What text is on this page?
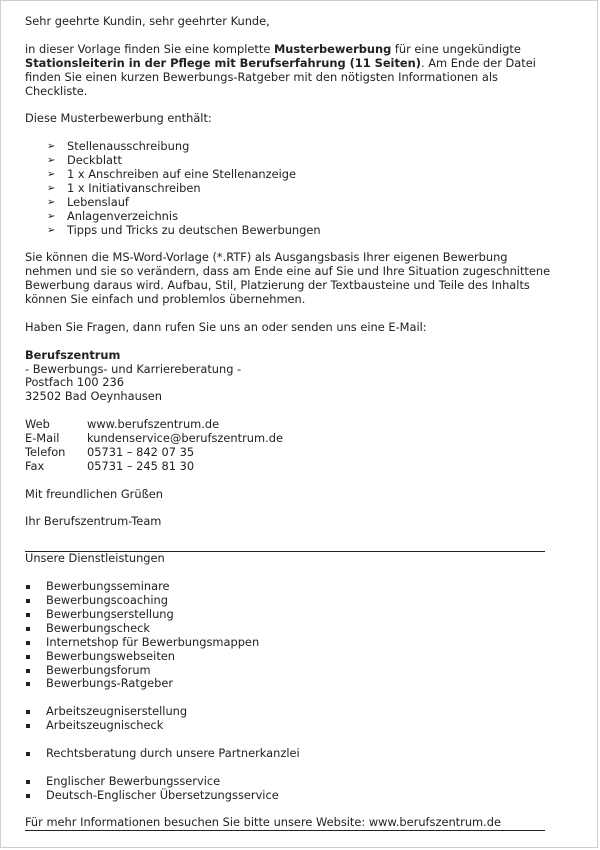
Sehr geehrte Kundin, sehr geehrter Kunde,

in dieser Vorlage finden Sie eine komplette Musterbewerbung für eine ungekündigte Stationsleiterin in der Pflege mit Berufserfahrung (11 Seiten). Am Ende der Datei finden Sie einen kurzen Bewerbungs-Ratgeber mit den nötigsten Informationen als Checkliste.

Diese Musterbewerbung enthält:

➢ Stellenausschreibung
➢ Deckblatt
➢ 1 x Anschreiben auf eine Stellenanzeige
➢ 1 x Initiativanschreiben
➢ Lebenslauf
➢ Anlagenverzeichnis
➢ Tipps und Tricks zu deutschen Bewerbungen

Sie können die MS-Word-Vorlage (*.RTF) als Ausgangsbasis Ihrer eigenen Bewerbung nehmen und sie so verändern, dass am Ende eine auf Sie und Ihre Situation zugeschnittene Bewerbung daraus wird. Aufbau, Stil, Platzierung der Textbausteine und Teile des Inhalts können Sie einfach und problemlos übernehmen.

Haben Sie Fragen, dann rufen Sie uns an oder senden uns eine E-Mail:

Berufszentrum

- Bewerbungs- und Karriereberatung -

Postfach 100 236

32502 Bad Oeynhausen

Web	www.berufszentrum.de
E-Mail	kundenservice@berufszentrum.de
Telefon	05731 – 842 07 35
Fax	05731 – 245 81 30

Mit freundlichen Grüßen

Ihr Berufszentrum-Team

Unsere Dienstleistungen

Bewerbungsseminare
Bewerbungscoaching
Bewerbungserstellung
Bewerbungscheck
Internetshop für Bewerbungsmappen
Bewerbungswebseiten
Bewerbungsforum
Bewerbungs-Ratgeber
Arbeitszeugniserstellung
Arbeitszeugnischeck
Rechtsberatung durch unsere Partnerkanzlei
Englischer Bewerbungsservice
Deutsch-Englischer Übersetzungsservice

Für mehr Informationen besuchen Sie bitte unsere Website: www.berufszentrum.de
